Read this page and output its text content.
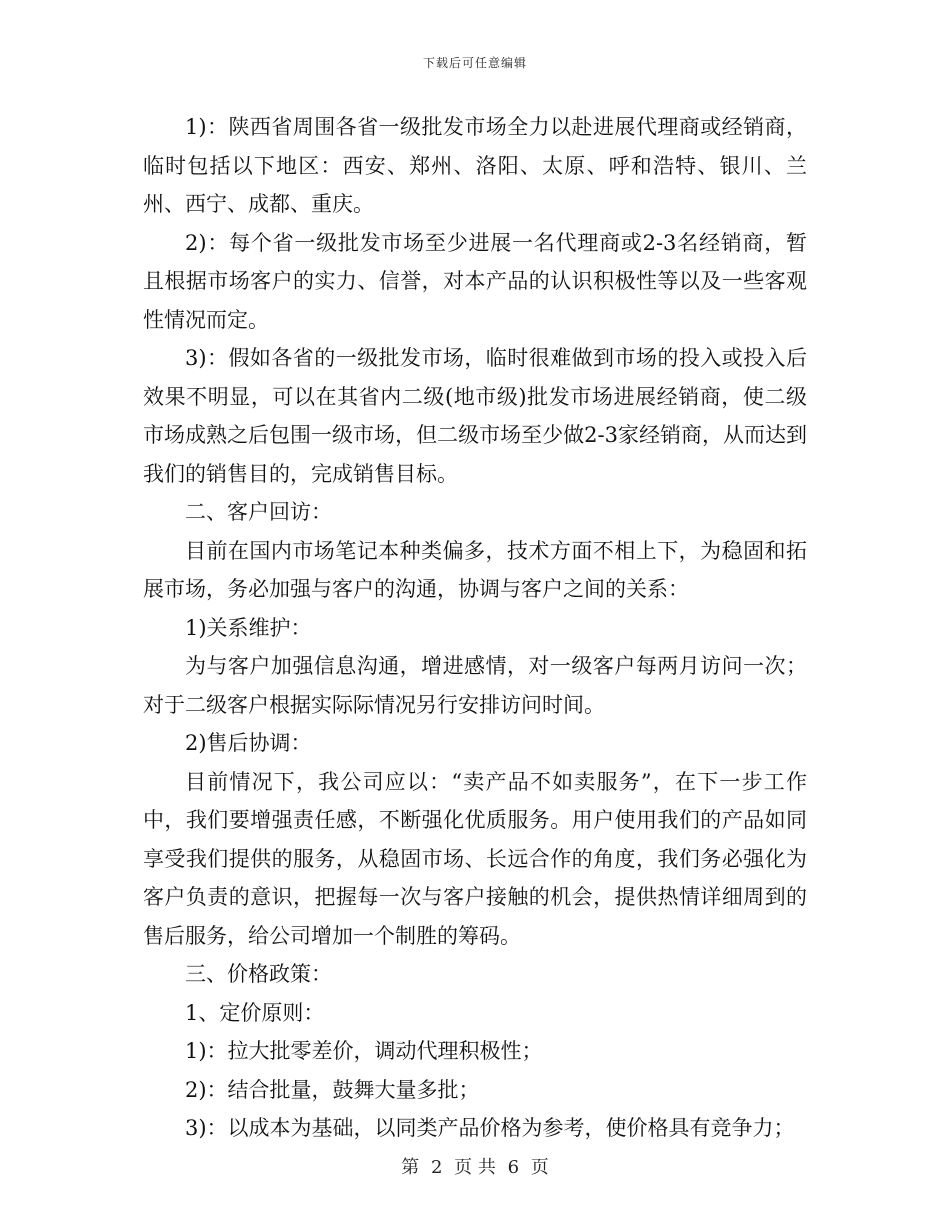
下载后可任意编辑

1)：陕西省周围各省一级批发市场全力以赴进展代理商或经销商，临时包括以下地区：西安、郑州、洛阳、太原、呼和浩特、银川、兰州、西宁、成都、重庆。

2)：每个省一级批发市场至少进展一名代理商或2-3名经销商，暂且根据市场客户的实力、信誉，对本产品的认识积极性等以及一些客观性情况而定。

3)：假如各省的一级批发市场，临时很难做到市场的投入或投入后效果不明显，可以在其省内二级(地市级)批发市场进展经销商，使二级市场成熟之后包围一级市场，但二级市场至少做2-3家经销商，从而达到我们的销售目的，完成销售目标。

二、客户回访：

目前在国内市场笔记本种类偏多，技术方面不相上下，为稳固和拓展市场，务必加强与客户的沟通，协调与客户之间的关系：

1)关系维护：

为与客户加强信息沟通，增进感情，对一级客户每两月访问一次；对于二级客户根据实际际情况另行安排访问时间。

2)售后协调：

目前情况下，我公司应以：“卖产品不如卖服务”，在下一步工作中，我们要增强责任感，不断强化优质服务。用户使用我们的产品如同享受我们提供的服务，从稳固市场、长远合作的角度，我们务必强化为客户负责的意识，把握每一次与客户接触的机会，提供热情详细周到的售后服务，给公司增加一个制胜的筹码。

三、价格政策：

1、定价原则：

1)：拉大批零差价，调动代理积极性；

2)：结合批量，鼓舞大量多批；

3)：以成本为基础，以同类产品价格为参考，使价格具有竞争力；

第 2 页 共 6 页
